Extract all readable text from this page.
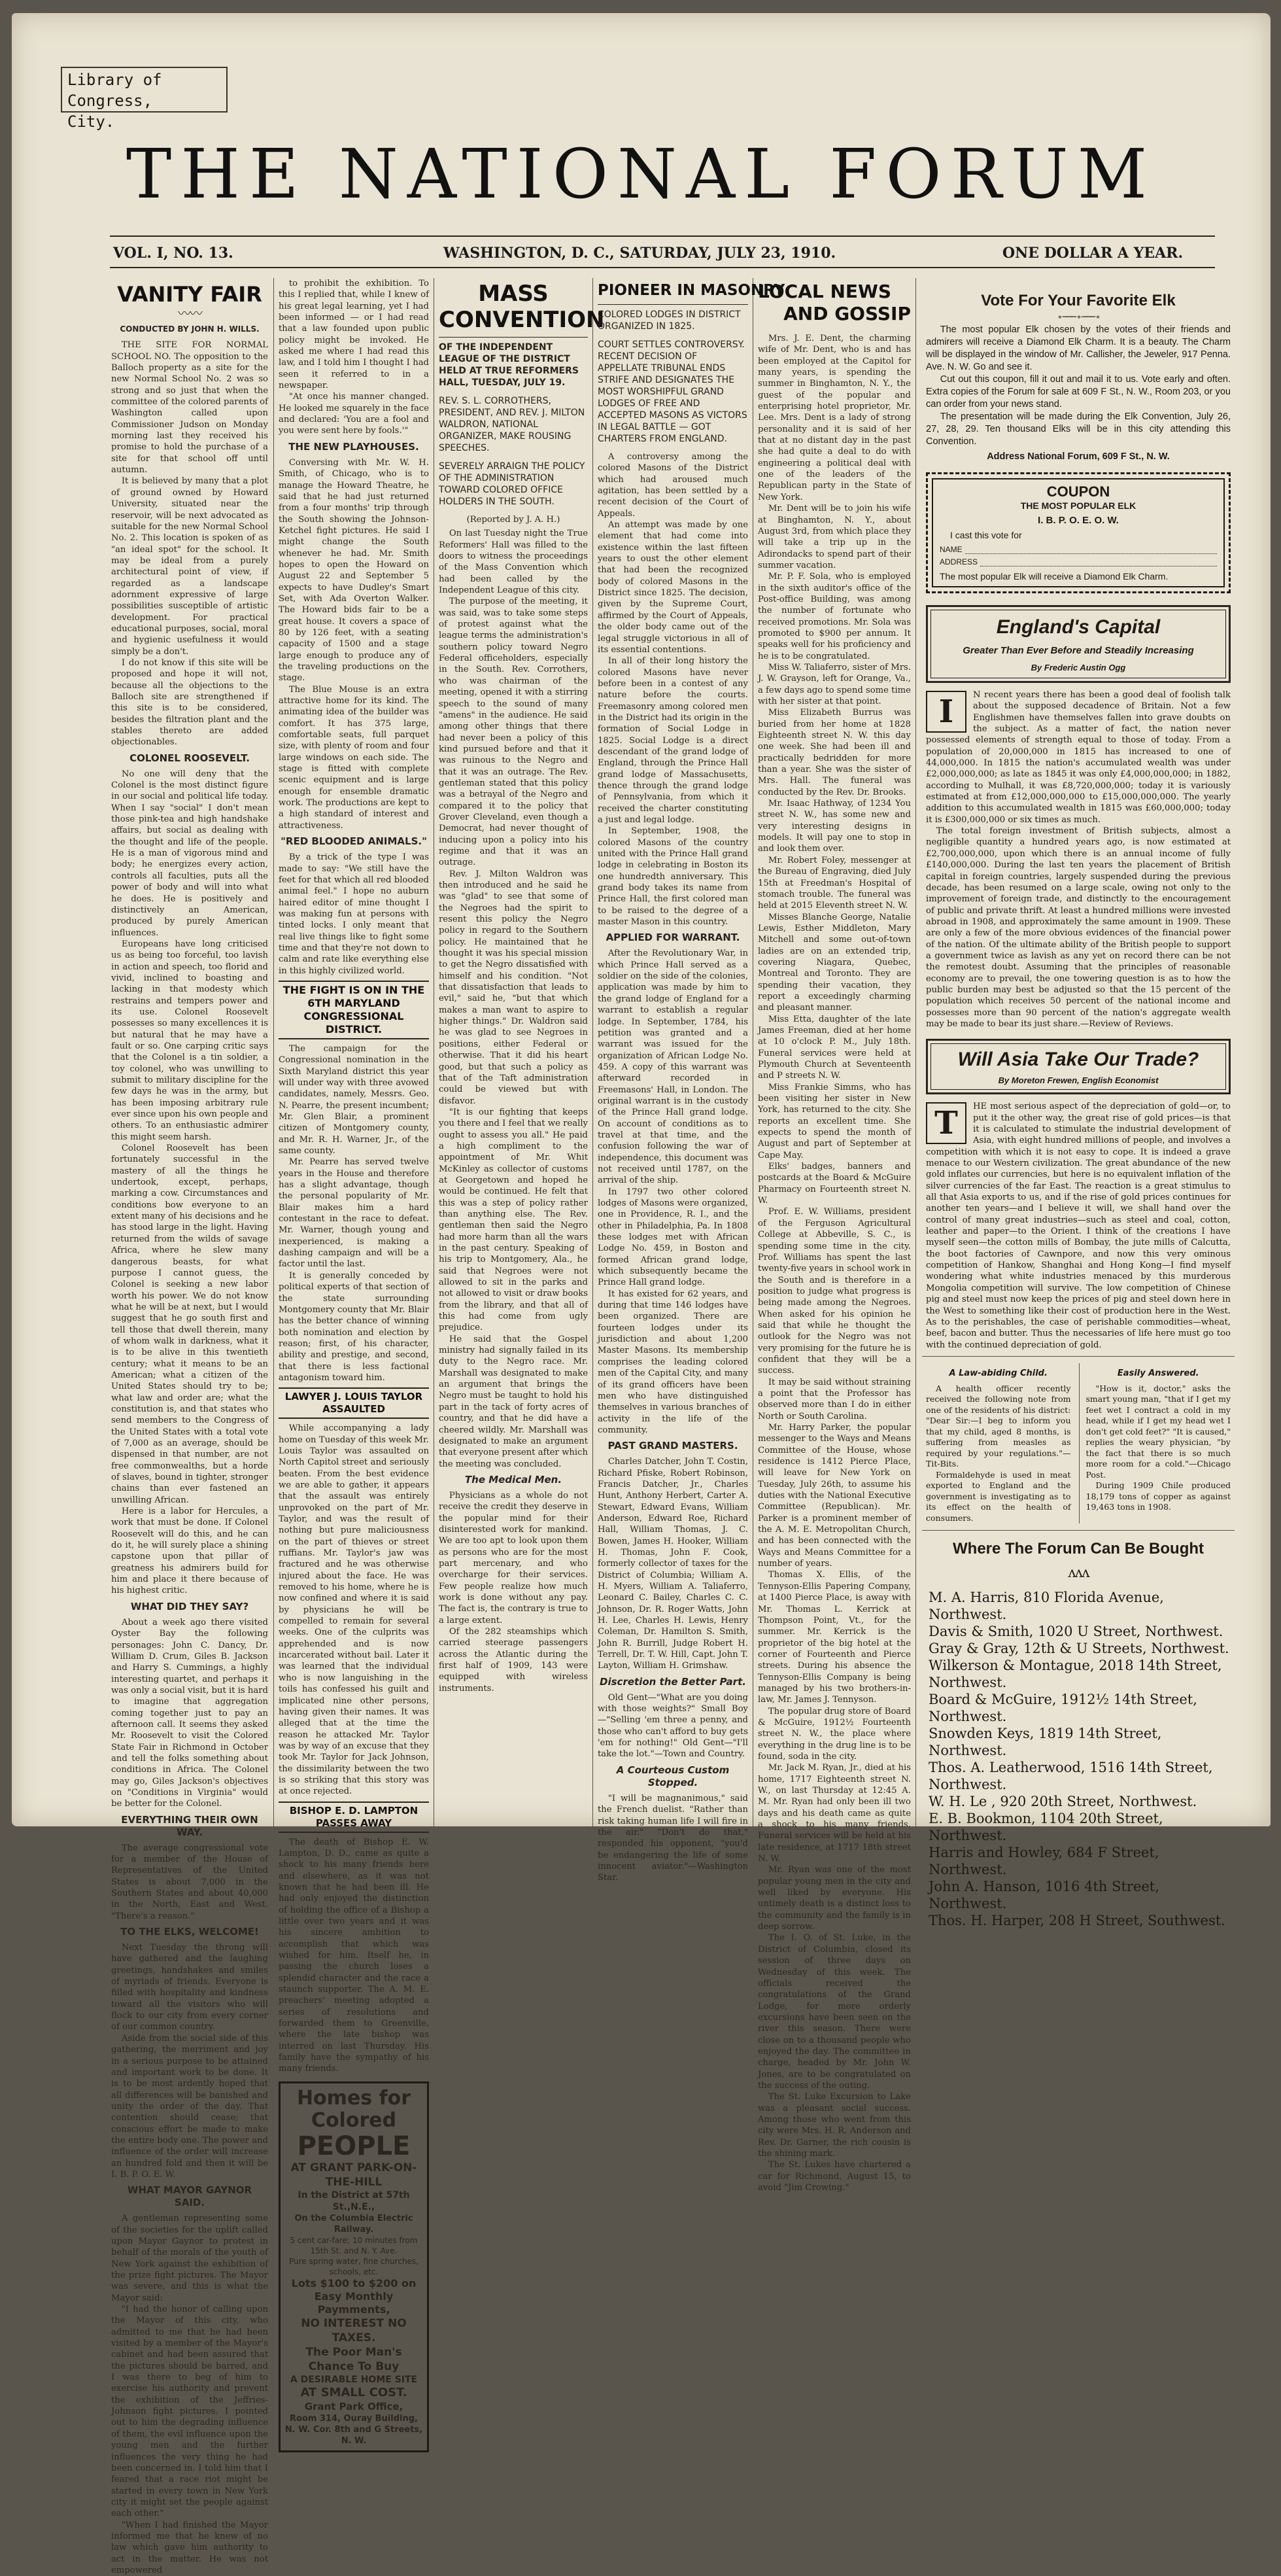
Library of Congress,
City.
THE NATIONAL FORUM
VOL. I, NO. 13.	WASHINGTON, D. C., SATURDAY, JULY 23, 1910.	ONE DOLLAR A YEAR.
VANITY FAIR
〰〰
CONDUCTED BY JOHN H. WILLS.

THE SITE FOR NORMAL SCHOOL NO. The opposition to the Balloch property as a site for the new Normal School No. 2 was so strong and so just that when the committee of the colored parents of Washington called upon Commissioner Judson on Monday morning last they received his promise to hold the purchase of a site for that school off until autumn.

It is believed by many that a plot of ground owned by Howard University, situated near the reservoir, will be next advocated as suitable for the new Normal School No. 2. This location is spoken of as "an ideal spot" for the school. It may be ideal from a purely architectural point of view, if regarded as a landscape adornment expressive of large possibilities susceptible of artistic development. For practical educational purposes, social, moral and hygienic usefulness it would simply be a don't.

I do not know if this site will be proposed and hope it will not, because all the objections to the Balloch site are strengthened if this site is to be considered, besides the filtration plant and the stables thereto are added objectionables.

COLONEL ROOSEVELT.

No one will deny that the Colonel is the most distinct figure in our social and political life today. When I say "social" I don't mean those pink-tea and high handshake affairs, but social as dealing with the thought and life of the people. He is a man of vigorous mind and body; he energizes every action, controls all faculties, puts all the power of body and will into what he does. He is positively and distinctively an American, produced by purely American influences.

Europeans have long criticised us as being too forceful, too lavish in action and speech, too florid and vivid, inclined to boasting and lacking in that modesty which restrains and tempers power and its use. Colonel Roosevelt possesses so many excellences it is but natural that he may have a fault or so. One carping critic says that the Colonel is a tin soldier, a toy colonel, who was unwilling to submit to military discipline for the few days he was in the army, but has been imposing arbitrary rule ever since upon his own people and others. To an enthusiastic admirer this might seem harsh.

Colonel Roosevelt has been fortunately successful in the mastery of all the things he undertook, except, perhaps, marking a cow. Circumstances and conditions bow everyone to an extent many of his decisions and he has stood large in the light. Having returned from the wilds of savage Africa, where he slew many dangerous beasts, for what purpose I cannot guess, the Colonel is seeking a new labor worth his power. We do not know what he will be at next, but I would suggest that he go south first and tell those that dwell therein, many of whom walk in darkness, what it is to be alive in this twentieth century; what it means to be an American; what a citizen of the United States should try to be; what law and order are; what the constitution is, and that states who send members to the Congress of the United States with a total vote of 7,000 as an average, should be dispensed in that number, are not free commonwealths, but a horde of slaves, bound in tighter, stronger chains than ever fastened an unwilling African.

Here is a labor for Hercules, a work that must be done. If Colonel Roosevelt will do this, and he can do it, he will surely place a shining capstone upon that pillar of greatness his admirers build for him and place it there because of his highest critic.

WHAT DID THEY SAY?

About a week ago there visited Oyster Bay the following personages: John C. Dancy, Dr. William D. Crum, Giles B. Jackson and Harry S. Cummings, a highly interesting quartet, and perhaps it was only a social visit, but it is hard to imagine that aggregation coming together just to pay an afternoon call. It seems they asked Mr. Roosevelt to visit the Colored State Fair in Richmond in October and tell the folks something about conditions in Africa. The Colonel may go, Giles Jackson's objectives on "Conditions in Virginia" would be better for the Colonel.

EVERYTHING THEIR OWN WAY.

The average congressional vote for a member of the House of Representatives of the United States is about 7,000 in the Southern States and about 40,000 in the North, East and West. "There's a reason."

TO THE ELKS, WELCOME!

Next Tuesday the throng will have gathered and the laughing greetings, handshakes and smiles of myriads of friends. Everyone is filled with hospitality and kindness toward all the visitors who will flock to our city from every corner of our common country.

Aside from the social side of this gathering, the merriment and joy in a serious purpose to be attained and important work to be done. It is to be most ardently hoped that all differences will be banished and unity the order of the day. That contention should cease; that conscious effort be made to make the entire body one. The power and influence of the order will increase an hundred fold and then it will be I. B. P. O. E. W.

WHAT MAYOR GAYNOR SAID.

A gentleman representing some of the societies for the uplift called upon Mayor Gaynor to protest in behalf of the morals of the youth of New York against the exhibition of the prize fight pictures. The Mayor was severe, and this is what the Mayor said:

"I had the honor of calling upon the Mayor of this city, who admitted to me that he had been visited by a member of the Mayor's cabinet and had been assured that the pictures should be barred, and I was there to beg of him to exercise his authority and prevent the exhibition of the Jeffries-Johnson fight pictures. I pointed out to him the degrading influence of them, the evil influence upon the young men and the further influences the very thing he had been concerned in. I told him that I feared that a race riot might be started in every town in New York city it might set the people against each other."

"When I had finished the Mayor informed me that he knew of no law which gave him authority to act in the matter. He was not empowered

to prohibit the exhibition. To this I replied that, while I knew of his great legal learning, yet I had been informed — or I had read that a law founded upon public policy might be invoked. He asked me where I had read this law, and I told him I thought I had seen it referred to in a newspaper.

"At once his manner changed. He looked me squarely in the face and declared: 'You are a fool and you were sent here by fools.'"

THE NEW PLAYHOUSES.

Conversing with Mr. W. H. Smith, of Chicago, who is to manage the Howard Theatre, he said that he had just returned from a four months' trip through the South showing the Johnson-Ketchel fight pictures. He said I might change the South whenever he had. Mr. Smith hopes to open the Howard on August 22 and September 5 expects to have Dudley's Smart Set, with Ada Overton Walker. The Howard bids fair to be a great house. It covers a space of 80 by 126 feet, with a seating capacity of 1500 and a stage large enough to produce any of the traveling productions on the stage.

The Blue Mouse is an extra attractive home for its kind. The animating idea of the builder was comfort. It has 375 large, comfortable seats, full parquet size, with plenty of room and four large windows on each side. The stage is fitted with complete scenic equipment and is large enough for ensemble dramatic work. The productions are kept to a high standard of interest and attractiveness.

"RED BLOODED ANIMALS."

By a trick of the type I was made to say: "We still have the feet for that which all red blooded animal feel." I hope no auburn haired editor of mine thought I was making fun at persons with tinted locks. I only meant that real live things like to fight some time and that they're not down to calm and rate like everything else in this highly civilized world.

THE FIGHT IS ON IN THE 6TH MARYLAND CONGRESSIONAL DISTRICT.

The campaign for the Congressional nomination in the Sixth Maryland district this year will under way with three avowed candidates, namely, Messrs. Geo. N. Pearre, the present incumbent; Mr. Glen Blair, a prominent citizen of Montgomery county, and Mr. R. H. Warner, Jr., of the same county.

Mr. Pearre has served twelve years in the House and therefore has a slight advantage, though the personal popularity of Mr. Blair makes him a hard contestant in the race to defeat. Mr. Warner, though young and inexperienced, is making a dashing campaign and will be a factor until the last.

It is generally conceded by political experts of that section of the state surrounding Montgomery county that Mr. Blair has the better chance of winning both nomination and election by reason; first, of his character, ability and prestige, and second, that there is less factional antagonism toward him.

LAWYER J. LOUIS TAYLOR ASSAULTED

While accompanying a lady home on Tuesday of this week Mr. Louis Taylor was assaulted on North Capitol street and seriously beaten. From the best evidence we are able to gather, it appears that the assault was entirely unprovoked on the part of Mr. Taylor, and was the result of nothing but pure maliciousness on the part of thieves or street ruffians. Mr. Taylor's jaw was fractured and he was otherwise injured about the face. He was removed to his home, where he is now confined and where it is said by physicians he will be compelled to remain for several weeks. One of the culprits was apprehended and is now incarcerated without bail. Later it was learned that the individual who is now languishing in the toils has confessed his guilt and implicated nine other persons, having given their names. It was alleged that at the time the reason he attacked Mr. Taylor was by way of an excuse that they took Mr. Taylor for Jack Johnson, the dissimilarity between the two is so striking that this story was at once rejected.

BISHOP E. D. LAMPTON PASSES AWAY

The death of Bishop E. W. Lampton, D. D., came as quite a shock to his many friends here and elsewhere, as it was not known that he had been ill. He had only enjoyed the distinction of holding the office of a Bishop a little over two years and it was his sincere ambition to accomplish that which was wished for him. Itself he, in passing the church loses a splendid character and the race a staunch supporter. The A. M. E. preachers' meeting adopted a series of resolutions and forwarded them to Greenville, where the late bishop was interred on last Thursday. His family have the sympathy of his many friends.

Homes for Colored
PEOPLE
AT GRANT PARK-ON-THE-HILL
In the District at 57th St.,N.E.,
On the Columbia Electric Railway.
5 cent car-fare; 10 minutes from 15th St. and N. Y. Ave.
Pure spring water, fine churches, schools, etc.
Lots $100 to $200 on Easy Monthly Paymments,
NO INTEREST NO TAXES.
The Poor Man's Chance To Buy
A DESIRABLE HOME SITE
AT SMALL COST.
Grant Park Office,
Room 314, Ouray Building,
N. W. Cor. 8th and G Streets, N. W.
MASS CONVENTION
OF THE INDEPENDENT LEAGUE OF THE DISTRICT HELD AT TRUE REFORMERS HALL, TUESDAY, JULY 19.
REV. S. L. CORROTHERS, PRESIDENT, AND REV. J. MILTON WALDRON, NATIONAL ORGANIZER, MAKE ROUSING SPEECHES.
SEVERELY ARRAIGN THE POLICY OF THE ADMINISTRATION TOWARD COLORED OFFICE HOLDERS IN THE SOUTH.
(Reported by J. A. H.)

On last Tuesday night the True Reformers' Hall was filled to the doors to witness the proceedings of the Mass Convention which had been called by the Independent League of this city.

The purpose of the meeting, it was said, was to take some steps of protest against what the league terms the administration's southern policy toward Negro Federal officeholders, especially in the South. Rev. Corrothers, who was chairman of the meeting, opened it with a stirring speech to the sound of many "amens" in the audience. He said among other things that there had never been a policy of this kind pursued before and that it was ruinous to the Negro and that it was an outrage. The Rev. gentleman stated that this policy was a betrayal of the Negro and compared it to the policy that Grover Cleveland, even though a Democrat, had never thought of inducing upon a policy into his regime and that it was an outrage.

Rev. J. Milton Waldron was then introduced and he said he was "glad" to see that some of the Negroes had the spirit to resent this policy the Negro policy in regard to the Southern policy. He maintained that he thought it was his special mission to get the Negro dissatisfied with himself and his condition. "Not that dissatisfaction that leads to evil," said he, "but that which makes a man want to aspire to higher things." Dr. Waldron said he was glad to see Negroes in positions, either Federal or otherwise. That it did his heart good, but that such a policy as that of the Taft administration could be viewed but with disfavor.

"It is our fighting that keeps you there and I feel that we really ought to assess you all." He paid a high compliment to the appointment of Mr. Whit McKinley as collector of customs at Georgetown and hoped he would be continued. He felt that this was a step of policy rather than anything else. The Rev. gentleman then said the Negro had more harm than all the wars in the past century. Speaking of his trip to Montgomery, Ala., he said that Negroes were not allowed to sit in the parks and not allowed to visit or draw books from the library, and that all of this had come from ugly prejudice.

He said that the Gospel ministry had signally failed in its duty to the Negro race. Mr. Marshall was designated to make an argument that brings the Negro must be taught to hold his part in the tack of forty acres of country, and that he did have a cheered wildly. Mr. Marshall was designated to make an argument that everyone present after which the meeting was concluded.

The Medical Men.

Physicians as a whole do not receive the credit they deserve in the popular mind for their disinterested work for mankind. We are too apt to look upon them as persons who are for the most part mercenary, and who overcharge for their services. Few people realize how much work is done without any pay. The fact is, the contrary is true to a large extent.

Of the 282 steamships which carried steerage passengers across the Atlantic during the first half of 1909, 143 were equipped with wireless instruments.

PIONEER IN MASONRY
COLORED LODGES IN DISTRICT ORGANIZED IN 1825.
COURT SETTLES CONTROVERSY. RECENT DECISION OF APPELLATE TRIBUNAL ENDS STRIFE AND DESIGNATES THE MOST WORSHIPFUL GRAND LODGES OF FREE AND ACCEPTED MASONS AS VICTORS IN LEGAL BATTLE — GOT CHARTERS FROM ENGLAND.

A controversy among the colored Masons of the District which had aroused much agitation, has been settled by a recent decision of the Court of Appeals.

An attempt was made by one element that had come into existence within the last fifteen years to oust the other element that had been the recognized body of colored Masons in the District since 1825. The decision, given by the Supreme Court, affirmed by the Court of Appeals, the older body came out of the legal struggle victorious in all of its essential contentions.

In all of their long history the colored Masons have never before been in a contest of any nature before the courts. Freemasonry among colored men in the District had its origin in the formation of Social Lodge in 1825. Social Lodge is a direct descendant of the grand lodge of England, through the Prince Hall grand lodge of Massachusetts, thence through the grand lodge of Pennsylvania, from which it received the charter constituting a just and legal lodge.

In September, 1908, the colored Masons of the country united with the Prince Hall grand lodge in celebrating in Boston its one hundredth anniversary. This grand body takes its name from Prince Hall, the first colored man to be raised to the degree of a master Mason in this country.

APPLIED FOR WARRANT.

After the Revolutionary War, in which Prince Hall served as a soldier on the side of the colonies, application was made by him to the grand lodge of England for a warrant to establish a regular lodge. In September, 1784, his petition was granted and a warrant was issued for the organization of African Lodge No. 459. A copy of this warrant was afterward recorded in Freemasons' Hall, in London. The original warrant is in the custody of the Prince Hall grand lodge. On account of conditions as to travel at that time, and the confusion following the war of independence, this document was not received until 1787, on the arrival of the ship.

In 1797 two other colored lodges of Masons were organized, one in Providence, R. I., and the other in Philadelphia, Pa. In 1808 these lodges met with African Lodge No. 459, in Boston and formed African grand lodge, which subsequently became the Prince Hall grand lodge.

It has existed for 62 years, and during that time 146 lodges have been organized. There are fourteen lodges under its jurisdiction and about 1,200 Master Masons. Its membership comprises the leading colored men of the Capital City, and many of its grand officers have been men who have distinguished themselves in various branches of activity in the life of the community.

PAST GRAND MASTERS.

Charles Datcher, John T. Costin, Richard Pfiske, Robert Robinson, Francis Datcher, Jr., Charles Hunt, Anthony Herbert, Carter A. Stewart, Edward Evans, William Anderson, Edward Roe, Richard Hall, William Thomas, J. C. Bowen, James H. Hooker, William H. Thomas, John F. Cook, formerly collector of taxes for the District of Columbia; William A. H. Myers, William A. Taliaferro, Leonard C. Bailey, Charles C. C. Johnson, Dr. R. Roger Watts, John H. Lee, Charles H. Lewis, Henry Coleman, Dr. Hamilton S. Smith, John R. Burrill, Judge Robert H. Terrell, Dr. T. W. Hill, Capt. John T. Layton, William H. Grimshaw.

Discretion the Better Part.

Old Gent—"What are you doing with those weights?" Small Boy—"Selling 'em three a penny, and those who can't afford to buy gets 'em for nothing!" Old Gent—"I'll take the lot."—Town and Country.

A Courteous Custom Stopped.

"I will be magnanimous," said the French duelist. "Rather than risk taking human life I will fire in the air." "Don't do that," responded his opponent, "you'd be endangering the life of some innocent aviator."—Washington Star.

LOCAL NEWS
AND GOSSIP

Mrs. J. E. Dent, the charming wife of Mr. Dent, who is and has been employed at the Capitol for many years, is spending the summer in Binghamton, N. Y., the guest of the popular and enterprising hotel proprietor, Mr. Lee. Mrs. Dent is a lady of strong personality and it is said of her that at no distant day in the past she had quite a deal to do with engineering a political deal with one of the leaders of the Republican party in the State of New York.

Mr. Dent will be to join his wife at Binghamton, N. Y., about August 3rd, from which place they will take a trip up in the Adirondacks to spend part of their summer vacation.

Mr. P. F. Sola, who is employed in the sixth auditor's office of the Post-office Building, was among the number of fortunate who received promotions. Mr. Sola was promoted to $900 per annum. It speaks well for his proficiency and he is to be congratulated.

Miss W. Taliaferro, sister of Mrs. J. W. Grayson, left for Orange, Va., a few days ago to spend some time with her sister at that point.

Miss Elizabeth Burrus was buried from her home at 1828 Eighteenth street N. W. this day one week. She had been ill and practically bedridden for more than a year. She was the sister of Mrs. Hall. The funeral was conducted by the Rev. Dr. Brooks.

Mr. Isaac Hathway, of 1234 You street N. W., has some new and very interesting designs in models. It will pay one to stop in and look them over.

Mr. Robert Foley, messenger at the Bureau of Engraving, died July 15th at Freedman's Hospital of stomach trouble. The funeral was held at 2015 Eleventh street N. W.

Misses Blanche George, Natalie Lewis, Esther Middleton, Mary Mitchell and some out-of-town ladies are on an extended trip, covering Niagara, Quebec, Montreal and Toronto. They are spending their vacation, they report a exceedingly charming and pleasant manner.

Miss Etta, daughter of the late James Freeman, died at her home at 10 o'clock P. M., July 18th. Funeral services were held at Plymouth Church at Seventeenth and P streets N. W.

Miss Frankie Simms, who has been visiting her sister in New York, has returned to the city. She reports an excellent time. She expects to spend the month of August and part of September at Cape May.

Elks' badges, banners and postcards at the Board & McGuire Pharmacy on Fourteenth street N. W.

Prof. E. W. Williams, president of the Ferguson Agricultural College at Abbeville, S. C., is spending some time in the city. Prof. Williams has spent the last twenty-five years in school work in the South and is therefore in a position to judge what progress is being made among the Negroes. When asked for his opinion he said that while he thought the outlook for the Negro was not very promising for the future he is confident that they will be a success.

It may be said without straining a point that the Professor has observed more than I do in either North or South Carolina.

Mr. Harry Parker, the popular messenger to the Ways and Means Committee of the House, whose residence is 1412 Pierce Place, will leave for New York on Tuesday, July 26th, to assume his duties with the National Executive Committee (Republican). Mr. Parker is a prominent member of the A. M. E. Metropolitan Church, and has been connected with the Ways and Means Committee for a number of years.

Thomas X. Ellis, of the Tennyson-Ellis Papering Company, at 1400 Pierce Place, is away with Mr. Thomas L. Kerrick at Thompson Point, Vt., for the summer. Mr. Kerrick is the proprietor of the big hotel at the corner of Fourteenth and Pierce streets. During his absence the Tennyson-Ellis Company is being managed by his two brothers-in-law, Mr. James J. Tennyson.

The popular drug store of Board & McGuire, 1912½ Fourteenth street N. W., the place where everything in the drug line is to be found, soda in the city.

Mr. Jack M. Ryan, Jr., died at his home, 1717 Eighteenth street N. W., on last Thursday at 12:45 A. M. Mr. Ryan had only been ill two days and his death came as quite a shock to his many friends. Funeral services will be held at his late residence, at 1717 18th street N. W.

Mr. Ryan was one of the most popular young men in the city and well liked by everyone. His untimely death is a distinct loss to the community and the family is in deep sorrow.

The I. O. of St. Luke, in the District of Columbia, closed its session of three days on Wednesday of this week. The officials received the congratulations of the Grand Lodge, for more orderly excursions have been seen on the river this season. There were close on to a thousand people who enjoyed the day. The committee in charge, headed by Mr. John W. Jones, are to be congratulated on the success of the outing.

The St. Luke Excursion to Lake was a pleasant social success. Among those who went from this city were Mrs. H. R. Anderson and Rev. Dr. Garner, the rich cousin is the shining mark.

The St. Lukes have chartered a car for Richmond, August 15, to avoid "Jim Crowing."

Vote For Your Favorite Elk
∘ ─── ∘ ─── ∘

The most popular Elk chosen by the votes of their friends and admirers will receive a Diamond Elk Charm. It is a beauty. The Charm will be displayed in the window of Mr. Callisher, the Jeweler, 917 Penna. Ave. N. W. Go and see it.

Cut out this coupon, fill it out and mail it to us. Vote early and often. Extra copies of the Forum for sale at 609 F St., N. W., Room 203, or you can order from your news stand.

The presentation will be made during the Elk Convention, July 26, 27, 28, 29. Ten thousand Elks will be in this city attending this Convention.

Address National Forum, 609 F St., N. W.
COUPON
THE MOST POPULAR ELK
I. B. P. O. E. O. W.
I cast this vote for
NAME
ADDRESS
The most popular Elk will receive a Diamond Elk Charm.
England's Capital
Greater Than Ever Before and Steadily Increasing
By Frederic Austin Ogg
I	N recent years there has been a good deal of foolish talk about the supposed decadence of Britain. Not a few Englishmen have themselves fallen into grave doubts on the subject. As a matter of fact, the nation never possessed elements of strength equal to those of today. From a population of 20,000,000 in 1815 has increased to one of 44,000,000. In 1815 the nation's accumulated wealth was under £2,000,000,000; as late as 1845 it was only £4,000,000,000; in 1882, according to Mulhall, it was £8,720,000,000; today it is variously estimated at from £12,000,000,000 to £15,000,000,000. The yearly addition to this accumulated wealth in 1815 was £60,000,000; today it is £300,000,000 or six times as much.

The total foreign investment of British subjects, almost a negligible quantity a hundred years ago, is now estimated at £2,700,000,000, upon which there is an annual income of fully £140,000,000. During the last ten years the placement of British capital in foreign countries, largely suspended during the previous decade, has been resumed on a large scale, owing not only to the improvement of foreign trade, and distinctly to the encouragement of public and private thrift. At least a hundred millions were invested abroad in 1908, and approximately the same amount in 1909. These are only a few of the more obvious evidences of the financial power of the nation. Of the ultimate ability of the British people to support a government twice as lavish as any yet on record there can be not the remotest doubt. Assuming that the principles of reasonable economy are to prevail, the one towering question is as to how the public burden may best be adjusted so that the 15 percent of the population which receives 50 percent of the national income and possesses more than 90 percent of the nation's aggregate wealth may be made to bear its just share.—Review of Reviews.

Will Asia Take Our Trade?
By Moreton Frewen, English Economist
T	HE most serious aspect of the depreciation of gold—or, to put it the other way, the great rise of gold prices—is that it is calculated to stimulate the industrial development of Asia, with eight hundred millions of people, and involves a competition with which it is not easy to cope. It is indeed a grave menace to our Western civilization. The great abundance of the new gold inflates our currencies, but here is no equivalent inflation of the silver currencies of the far East. The reaction is a great stimulus to all that Asia exports to us, and if the rise of gold prices continues for another ten years—and I believe it will, we shall hand over the control of many great industries—such as steel and coal, cotton, leather and paper—to the Orient. I think of the creations I have myself seen—the cotton mills of Bombay, the jute mills of Calcutta, the boot factories of Cawnpore, and now this very ominous competition of Hankow, Shanghai and Hong Kong—I find myself wondering what white industries menaced by this murderous Mongolia competition will survive. The low competition of Chinese pig and steel must now keep the prices of pig and steel down here in the West to something like their cost of production here in the West. As to the perishables, the case of perishable commodities—wheat, beef, bacon and butter. Thus the necessaries of life here must go too with the continued depreciation of gold.
A Law-abiding Child.

A health officer recently received the following note from one of the residents of his district: "Dear Sir:—I beg to inform you that my child, aged 8 months, is suffering from measles as required by your regulations."—Tit-Bits.

Formaldehyde is used in meat exported to England and the government is investigating as to its effect on the health of consumers.

Easily Answered.

"How is it, doctor," asks the smart young man, "that if I get my feet wet I contract a cold in my head, while if I get my head wet I don't get cold feet?" "It is caused," replies the weary physician, "by the fact that there is so much more room for a cold."—Chicago Post.

During 1909 Chile produced 18,179 tons of copper as against 19,463 tons in 1908.

Where The Forum Can Be Bought
ʌʌʌ
M. A. Harris, 810 Florida Avenue, Northwest.
Davis & Smith, 1020 U Street, Northwest.
Gray & Gray, 12th & U Streets, Northwest.
Wilkerson & Montague, 2018 14th Street, Northwest.
Board & McGuire, 1912½ 14th Street, Northwest.
Snowden Keys, 1819 14th Street, Northwest.
Thos. A. Leatherwood, 1516 14th Street, Northwest.
W. H. Le , 920 20th Street, Northwest.
E. B. Bookmon, 1104 20th Street, Northwest.
Harris and Howley, 684 F Street, Northwest.
John A. Hanson, 1016 4th Street, Northwest.
Thos. H. Harper, 208 H Street, Southwest.
